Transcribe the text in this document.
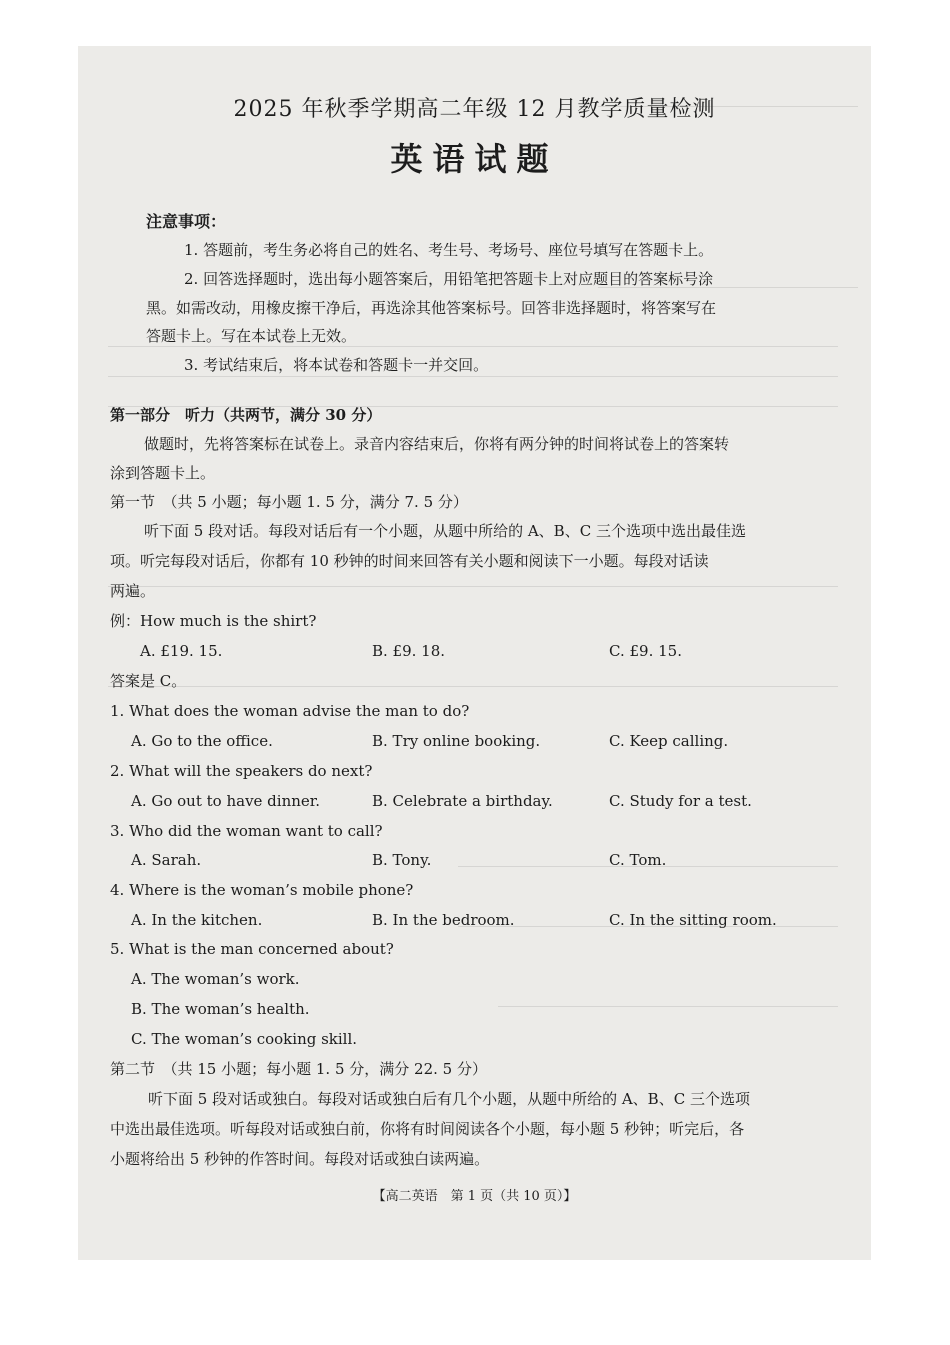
2025 年秋季学期高二年级 12 月教学质量检测
英语试题
注意事项：
1. 答题前，考生务必将自己的姓名、考生号、考场号、座位号填写在答题卡上。
2. 回答选择题时，选出每小题答案后，用铅笔把答题卡上对应题目的答案标号涂
黑。如需改动，用橡皮擦干净后，再选涂其他答案标号。回答非选择题时，将答案写在
答题卡上。写在本试卷上无效。
3. 考试结束后，将本试卷和答题卡一并交回。
第一部分　听力（共两节，满分 30 分）
做题时，先将答案标在试卷上。录音内容结束后，你将有两分钟的时间将试卷上的答案转
涂到答题卡上。
第一节　（共 5 小题；每小题 1. 5 分，满分 7. 5 分）
听下面 5 段对话。每段对话后有一个小题，从题中所给的 A、B、C 三个选项中选出最佳选
项。听完每段对话后，你都有 10 秒钟的时间来回答有关小题和阅读下一小题。每段对话读
两遍。
例：How much is the shirt?
A. £19. 15.	B. £9. 18.	C. £9. 15.
答案是 C。
1. What does the woman advise the man to do?
A. Go to the office.	B. Try online booking.	C. Keep calling.
2. What will the speakers do next?
A. Go out to have dinner.	B. Celebrate a birthday.	C. Study for a test.
3. Who did the woman want to call?
A. Sarah.	B. Tony.	C. Tom.
4. Where is the woman’s mobile phone?
A. In the kitchen.	B. In the bedroom.	C. In the sitting room.
5. What is the man concerned about?
A. The woman’s work.
B. The woman’s health.
C. The woman’s cooking skill.
第二节　（共 15 小题；每小题 1. 5 分，满分 22. 5 分）
听下面 5 段对话或独白。每段对话或独白后有几个小题，从题中所给的 A、B、C 三个选项
中选出最佳选项。听每段对话或独白前，你将有时间阅读各个小题，每小题 5 秒钟；听完后，各
小题将给出 5 秒钟的作答时间。每段对话或独白读两遍。
【高二英语　第 1 页（共 10 页）】
